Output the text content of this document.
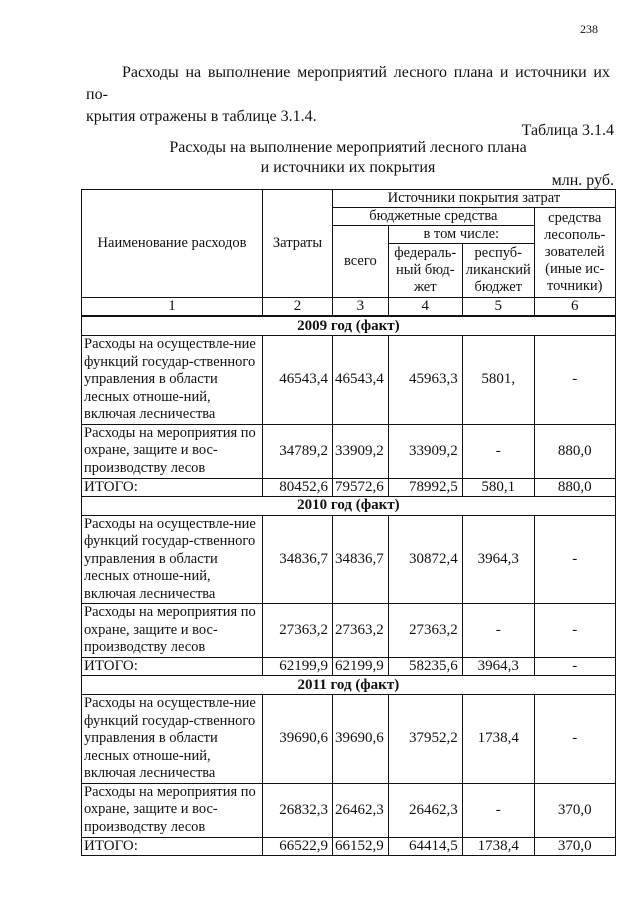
238
Расходы на выполнение мероприятий лесного плана и источники их по-
крытия отражены в таблице 3.1.4.
Таблица 3.1.4
Расходы на выполнение мероприятий лесного плана
и источники их покрытия
млн. руб.
Наименование расходов	Затраты	Источники покрытия затрат			
		бюджетные средства			средства лесополь-зователей (иные ис-точники)
		всего	в том числе:		
			федераль-ный бюд-жет	респуб-ликанский бюджет	
1	2	3	4	5	6
2009 год (факт)					
Расходы на осуществле-ние функций государ-ственного управления в области лесных отноше-ний, включая лесничества	46543,4	46543,4	45963,3	5801,	-
Расходы на мероприятия по охране, защите и вос-производству лесов	34789,2	33909,2	33909,2	-	880,0
ИТОГО:	80452,6	79572,6	78992,5	580,1	880,0
2010 год (факт)					
Расходы на осуществле-ние функций государ-ственного управления в области лесных отноше-ний, включая лесничества	34836,7	34836,7	30872,4	3964,3	-
Расходы на мероприятия по охране, защите и вос-производству лесов	27363,2	27363,2	27363,2	-	-
ИТОГО:	62199,9	62199,9	58235,6	3964,3	-
2011 год (факт)					
Расходы на осуществле-ние функций государ-ственного управления в области лесных отноше-ний, включая лесничества	39690,6	39690,6	37952,2	1738,4	-
Расходы на мероприятия по охране, защите и вос-производству лесов	26832,3	26462,3	26462,3	-	370,0
ИТОГО:	66522,9	66152,9	64414,5	1738,4	370,0
